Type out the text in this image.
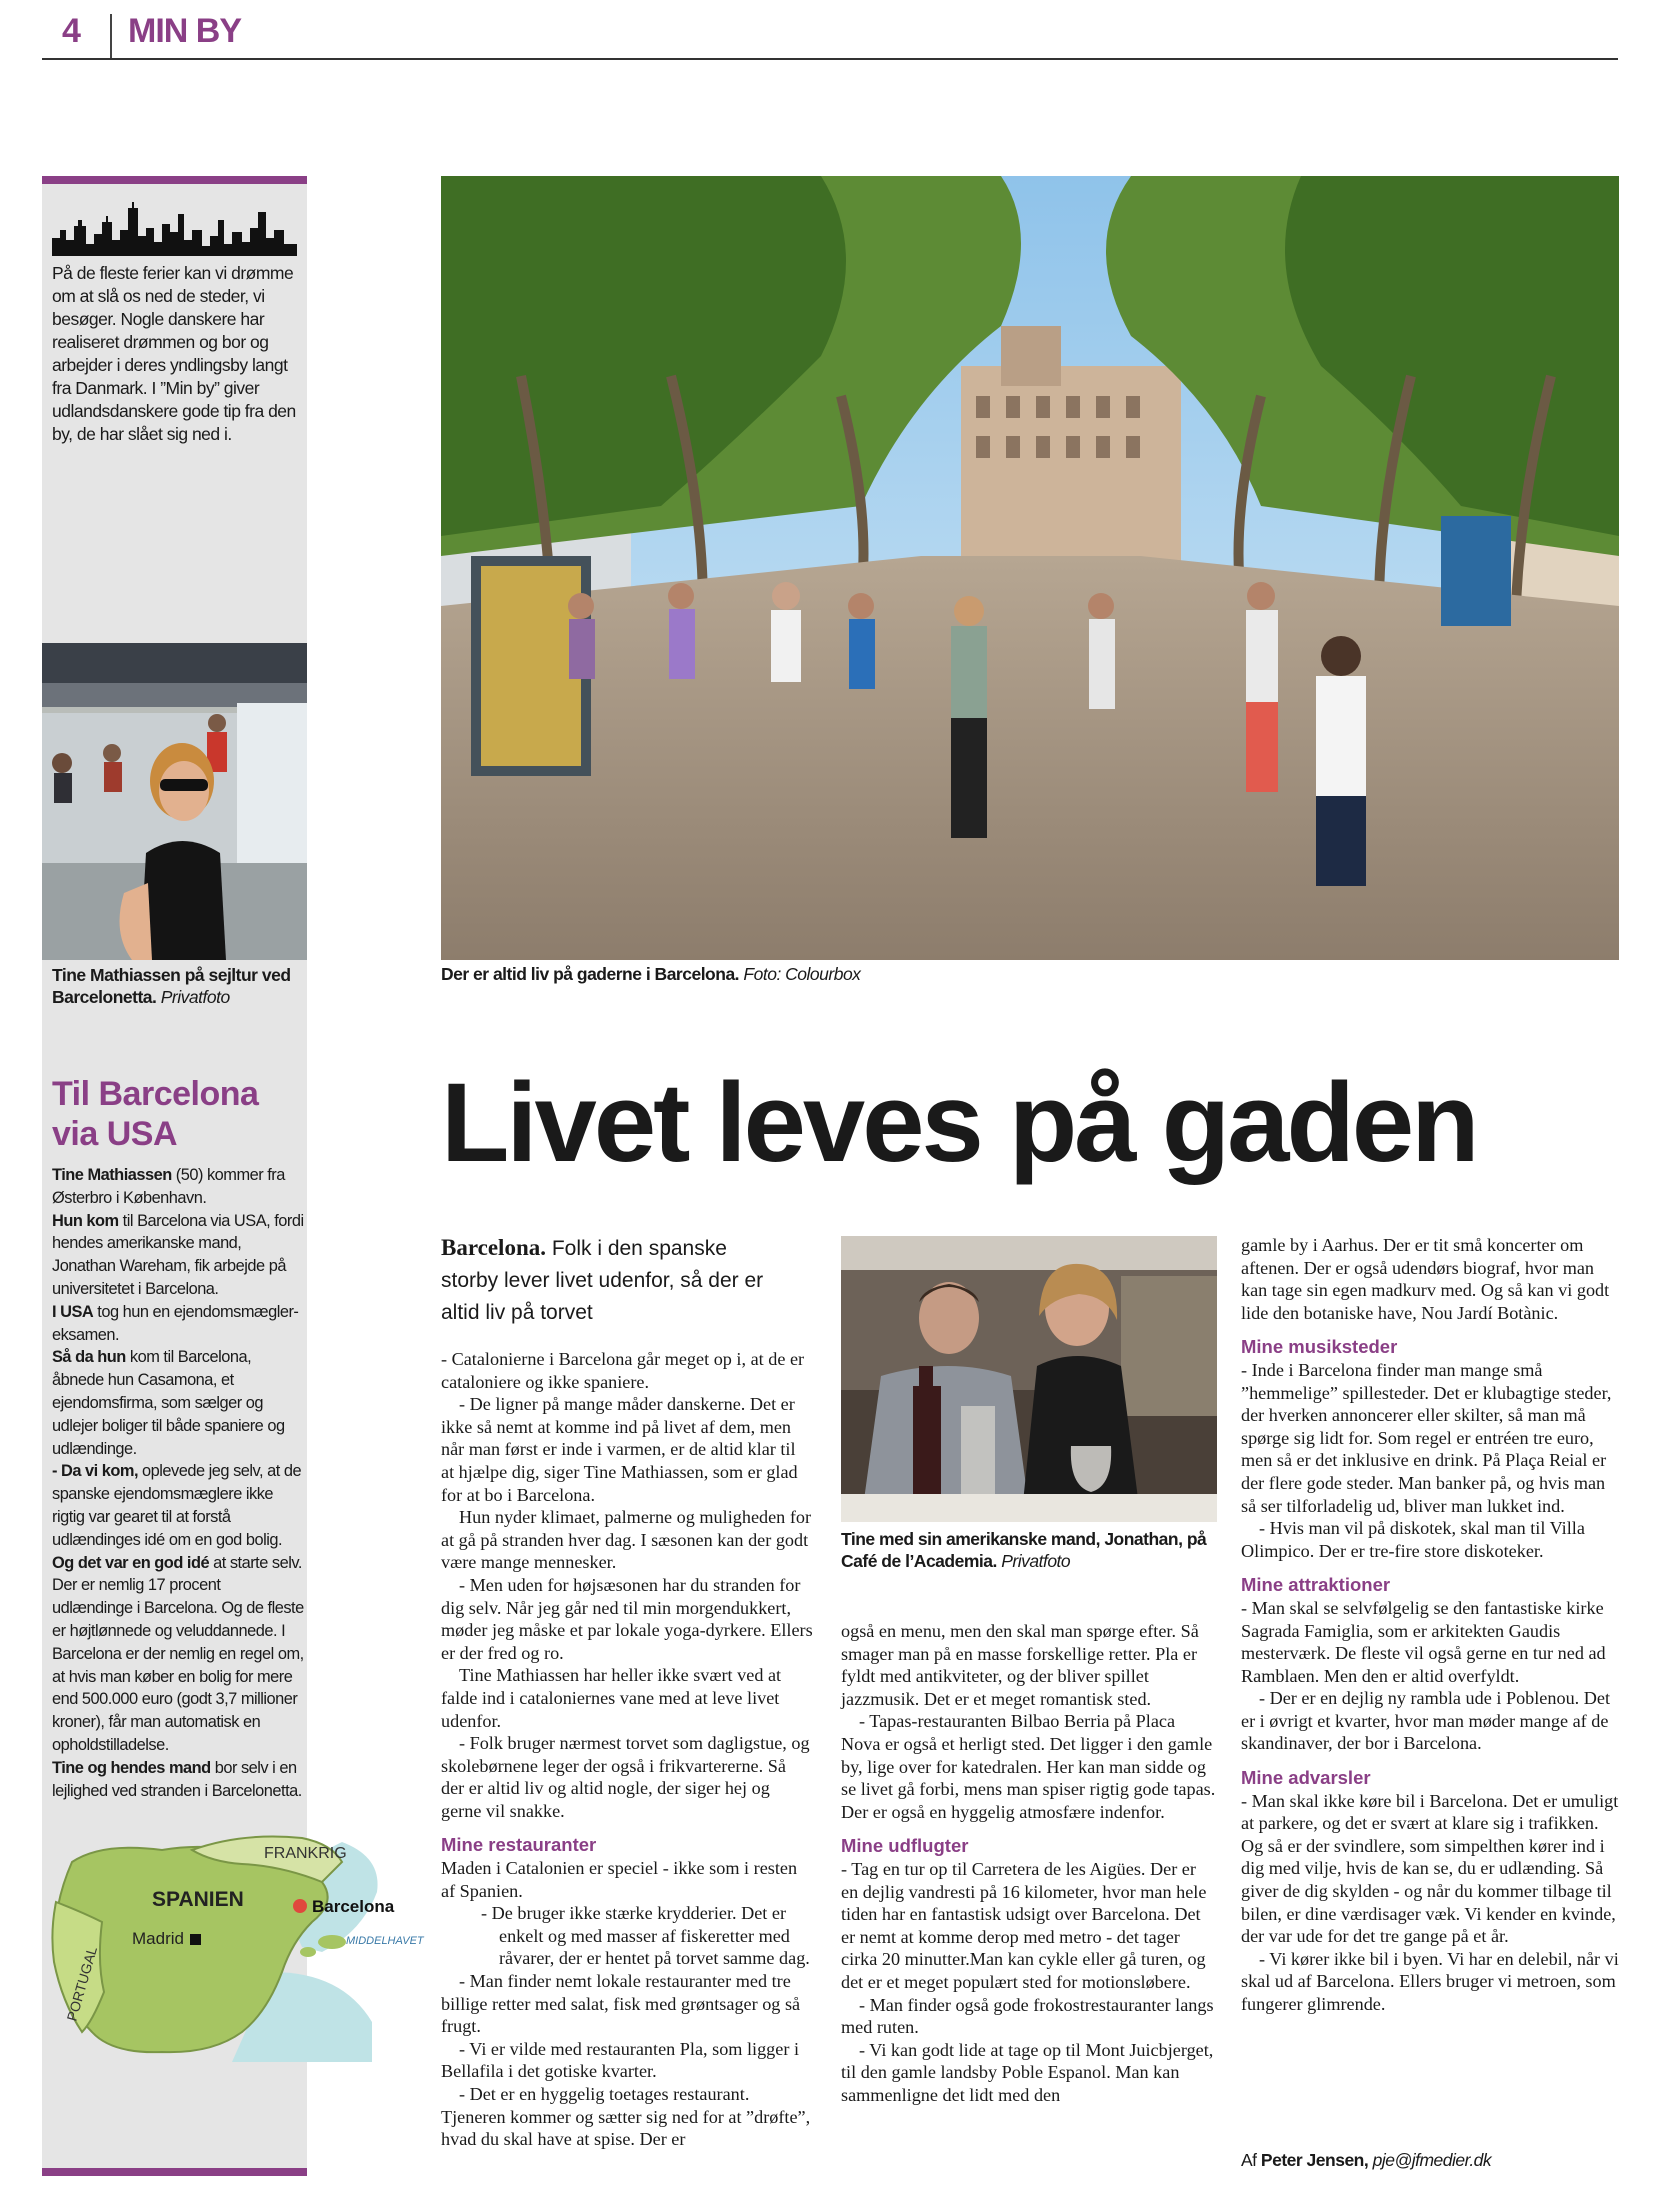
4 MIN BY
På de fleste ferier kan vi drømme om at slå os ned de steder, vi besøger. Nogle danskere har realiseret drømmen og bor og arbejder i deres yndlingsby langt fra Danmark. I ”Min by” giver udlandsdanskere gode tip fra den by, de har slået sig ned i.
Tine Mathiassen på sejltur ved Barcelonetta. Privatfoto
Til Barcelona via USA
Tine Mathiassen (50) kommer fra Østerbro i København.
Hun kom til Barcelona via USA, fordi hendes amerikanske mand, Jonathan Wareham, fik arbejde på universitetet i Barcelona.
I USA tog hun en ejendomsmægler-eksamen.
Så da hun kom til Barcelona, åbnede hun Casamona, et ejendomsfirma, som sælger og udlejer boliger til både spaniere og udlændinge.
- Da vi kom, oplevede jeg selv, at de spanske ejendomsmæglere ikke rigtig var gearet til at forstå udlændinges idé om en god bolig.
Og det var en god idé at starte selv. Der er nemlig 17 procent udlændinge i Barcelona. Og de fleste er højtlønnede og veluddannede. I Barcelona er der nemlig en regel om, at hvis man køber en bolig for mere end 500.000 euro (godt 3,7 millioner kroner), får man automatisk en opholdstilladelse.
Tine og hendes mand bor selv i en lejlighed ved stranden i Barcelonetta.
FRANKRIG
SPANIEN
Madrid
Barcelona
MIDDELHAVET
PORTUGAL
Der er altid liv på gaderne i Barcelona. Foto: Colourbox
Livet leves på gaden
Barcelona. Folk i den spanske storby lever livet udenfor, så der er altid liv på torvet

- Catalonierne i Barcelona går meget op i, at de er cataloniere og ikke spaniere.

- De ligner på mange måder danskerne. Det er ikke så nemt at komme ind på livet af dem, men når man først er inde i varmen, er de altid klar til at hjælpe dig, siger Tine Mathiassen, som er glad for at bo i Barcelona.

Hun nyder klimaet, palmerne og muligheden for at gå på stranden hver dag. I sæsonen kan der godt være mange mennesker.

- Men uden for højsæsonen har du stranden for dig selv. Når jeg går ned til min morgendukkert, møder jeg måske et par lokale yoga-dyrkere. Ellers er der fred og ro.

Tine Mathiassen har heller ikke svært ved at falde ind i cataloniernes vane med at leve livet udenfor.

- Folk bruger nærmest torvet som dagligstue, og skolebørnene leger der også i frikvartererne. Så der er altid liv og altid nogle, der siger hej og gerne vil snakke.

Mine restauranter

Maden i Catalonien er speciel - ikke som i resten af Spanien.

- De bruger ikke stærke krydderier. Det er enkelt og med masser af fiskeretter med råvarer, der er hentet på torvet samme dag.

- Man finder nemt lokale restauranter med tre billige retter med salat, fisk med grøntsager og så frugt.

- Vi er vilde med restauranten Pla, som ligger i Bellafila i det gotiske kvarter.

- Det er en hyggelig toetages restaurant. Tjeneren kommer og sætter sig ned for at ”drøfte”, hvad du skal have at spise. Der er

Tine med sin amerikanske mand, Jonathan, på Café de l’Academia. Privatfoto

også en menu, men den skal man spørge efter. Så smager man på en masse forskellige retter. Pla er fyldt med antikviteter, og der bliver spillet jazzmusik. Det er et meget romantisk sted.

- Tapas-restauranten Bilbao Berria på Placa Nova er også et herligt sted. Det ligger i den gamle by, lige over for katedralen. Her kan man sidde og se livet gå forbi, mens man spiser rigtig gode tapas. Der er også en hyggelig atmosfære indenfor.

Mine udflugter

- Tag en tur op til Carretera de les Aigües. Der er en dejlig vandresti på 16 kilometer, hvor man hele tiden har en fantastisk udsigt over Barcelona. Det er nemt at komme derop med metro - det tager cirka 20 minutter.Man kan cykle eller gå turen, og det er et meget populært sted for motionsløbere.

- Man finder også gode frokostrestauranter langs med ruten.

- Vi kan godt lide at tage op til Mont Juicbjerget, til den gamle landsby Poble Espanol. Man kan sammenligne det lidt med den

gamle by i Aarhus. Der er tit små koncerter om aftenen. Der er også udendørs biograf, hvor man kan tage sin egen madkurv med. Og så kan vi godt lide den botaniske have, Nou Jardí Botànic.

Mine musiksteder

- Inde i Barcelona finder man mange små ”hemmelige” spillesteder. Det er klubagtige steder, der hverken annoncerer eller skilter, så man må spørge sig lidt for. Som regel er entréen tre euro, men så er det inklusive en drink. På Plaça Reial er der flere gode steder. Man banker på, og hvis man så ser tilforladelig ud, bliver man lukket ind.

- Hvis man vil på diskotek, skal man til Villa Olimpico. Der er tre-fire store diskoteker.

Mine attraktioner

- Man skal se selvfølgelig se den fantastiske kirke Sagrada Famiglia, som er arkitekten Gaudis mesterværk. De fleste vil også gerne en tur ned ad Ramblaen. Men den er altid overfyldt.

- Der er en dejlig ny rambla ude i Poblenou. Det er i øvrigt et kvarter, hvor man møder mange af de skandinaver, der bor i Barcelona.

Mine advarsler

- Man skal ikke køre bil i Barcelona. Det er umuligt at parkere, og det er svært at klare sig i trafikken. Og så er der svindlere, som simpelthen kører ind i dig med vilje, hvis de kan se, du er udlænding. Så giver de dig skylden - og når du kommer tilbage til bilen, er dine værdisager væk. Vi kender en kvinde, der var ude for det tre gange på et år.

- Vi kører ikke bil i byen. Vi har en delebil, når vi skal ud af Barcelona. Ellers bruger vi metroen, som fungerer glimrende.

Af Peter Jensen, pje@jfmedier.dk
